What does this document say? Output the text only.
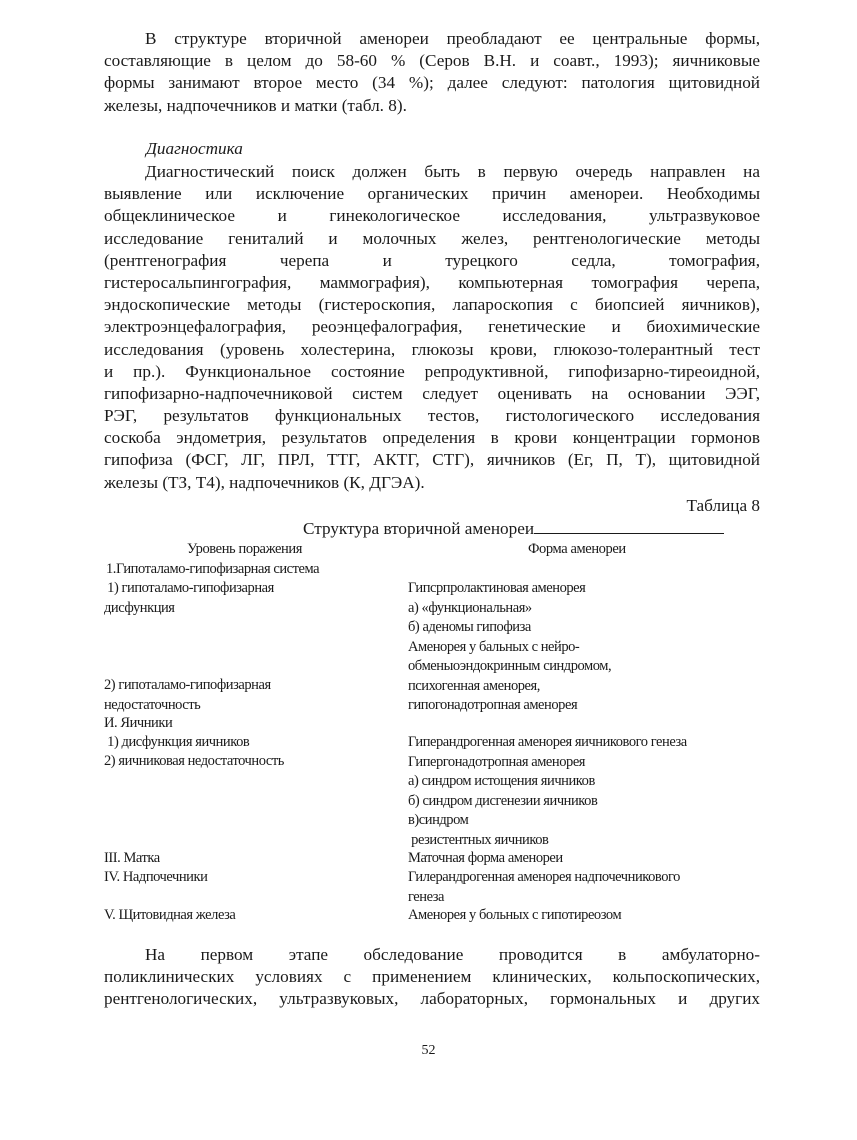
В структуре вторичной аменореи преобладают ее центральные формы,
составляющие в целом до 58-60 % (Серов В.Н. и соавт., 1993); яичниковые
формы занимают второе место (34 %); далее следуют: патология щитовидной
железы, надпочечников и матки (табл. 8).

Диагностика

Диагностический поиск должен быть в первую очередь направлен на
выявление или исключение органических причин аменореи. Необходимы
общеклиническое и гинекологическое исследования, ультразвуковое
исследование гениталий и молочных желез, рентгенологические методы
(рентгенография черепа и турецкого седла, томография,
гистеросальпингография, маммография), компьютерная томография черепа,
эндоскопические методы (гистероскопия, лапароскопия с биопсией яичников),
электроэнцефалография, реоэнцефалография, генетические и биохимические
исследования (уровень холестерина, глюкозы крови, глюкозо-толерантный тест
и пр.). Функциональное состояние репродуктивной, гипофизарно-тиреоидной,
гипофизарно-надпочечниковой систем следует оценивать на основании ЭЭГ,
РЭГ, результатов функциональных тестов, гистологического исследования
соскоба эндометрия, результатов определения в крови концентрации гормонов
гипофиза (ФСГ, ЛГ, ПРЛ, ТТГ, АКТГ, СТГ), яичников (Ег, П, Т), щитовидной
железы (ТЗ, Т4), надпочечников (К, ДГЭА).
Таблица 8
Структура вторичной аменореи
Уровень поражения	Форма аменореи
1.Гипоталамо-гипофизарная система
1) гипоталамо-гипофизарная
дисфункция
2) гипоталамо-гипофизарная
недостаточность
И. Яичники
1) дисфункция яичников
2) яичниковая недостаточность
III. Матка
IV. Надпочечники
V. Щитовидная железа
Гипсрпролактиновая аменорея
а) «функциональная»
б) аденомы гипофиза
Аменорея у бальных с нейро-
обменыоэндокринным синдромом,
психогенная аменорея,
гипогонадотропная аменорея
Гиперандрогенная аменорея яичникового генеза
Гипергонадотропная аменорея
а) синдром истощения яичников
б) синдром дисгенезии яичников
в)синдром
резистентных яичников
Маточная форма аменореи
Гилерандрогенная аменорея надпочечникового
генеза
Аменорея у больных с гипотиреозом
На первом этапе обследование проводится в амбулаторно-
поликлинических условиях с применением клинических, кольпоскопических,
рентгенологических, ультразвуковых, лабораторных, гормональных и других
52
